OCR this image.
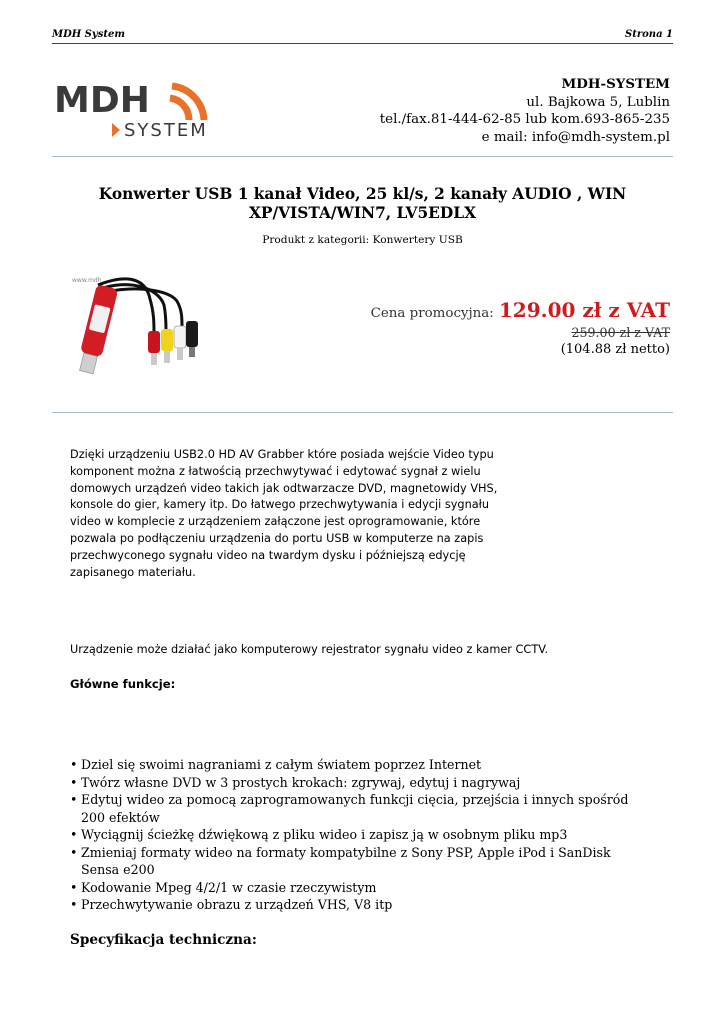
MDH System	Strona 1
MDH
SYSTEM
MDH-SYSTEM
ul. Bajkowa 5, Lublin
tel./fax.81-444-62-85 lub kom.693-865-235
e mail: info@mdh-system.pl
Konwerter USB 1 kanał Video, 25 kl/s, 2 kanały AUDIO , WIN XP/VISTA/WIN7, LV5EDLX
Produkt z kategorii: Konwertery USB
www.mdh
Cena promocyjna: 129.00 zł z VAT
259.00 zł z VAT
(104.88 zł netto)
Dzięki urządzeniu USB2.0 HD AV Grabber które posiada wejście Video typu komponent można z łatwością przechwytywać i edytować sygnał z wielu domowych urządzeń video takich jak odtwarzacze DVD, magnetowidy VHS, konsole do gier, kamery itp. Do łatwego przechwytywania i edycji sygnału video w komplecie z urządzeniem załączone jest oprogramowanie, które pozwala po podłączeniu urządzenia do portu USB w komputerze na zapis przechwyconego sygnału video na twardym dysku i późniejszą edycję zapisanego materiału.
Urządzenie może działać jako komputerowy rejestrator sygnału video z kamer CCTV.
Główne funkcje:
• Dziel się swoimi nagraniami z całym światem poprzez Internet
• Twórz własne DVD w 3 prostych krokach: zgrywaj, edytuj i nagrywaj
• Edytuj wideo za pomocą zaprogramowanych funkcji cięcia, przejścia i innych spośród 200 efektów
• Wyciągnij ścieżkę dźwiękową z pliku wideo i zapisz ją w osobnym pliku mp3
• Zmieniaj formaty wideo na formaty kompatybilne z Sony PSP, Apple iPod i SanDisk Sensa e200
• Kodowanie Mpeg 4/2/1 w czasie rzeczywistym
• Przechwytywanie obrazu z urządzeń VHS, V8 itp
Specyfikacja techniczna:
